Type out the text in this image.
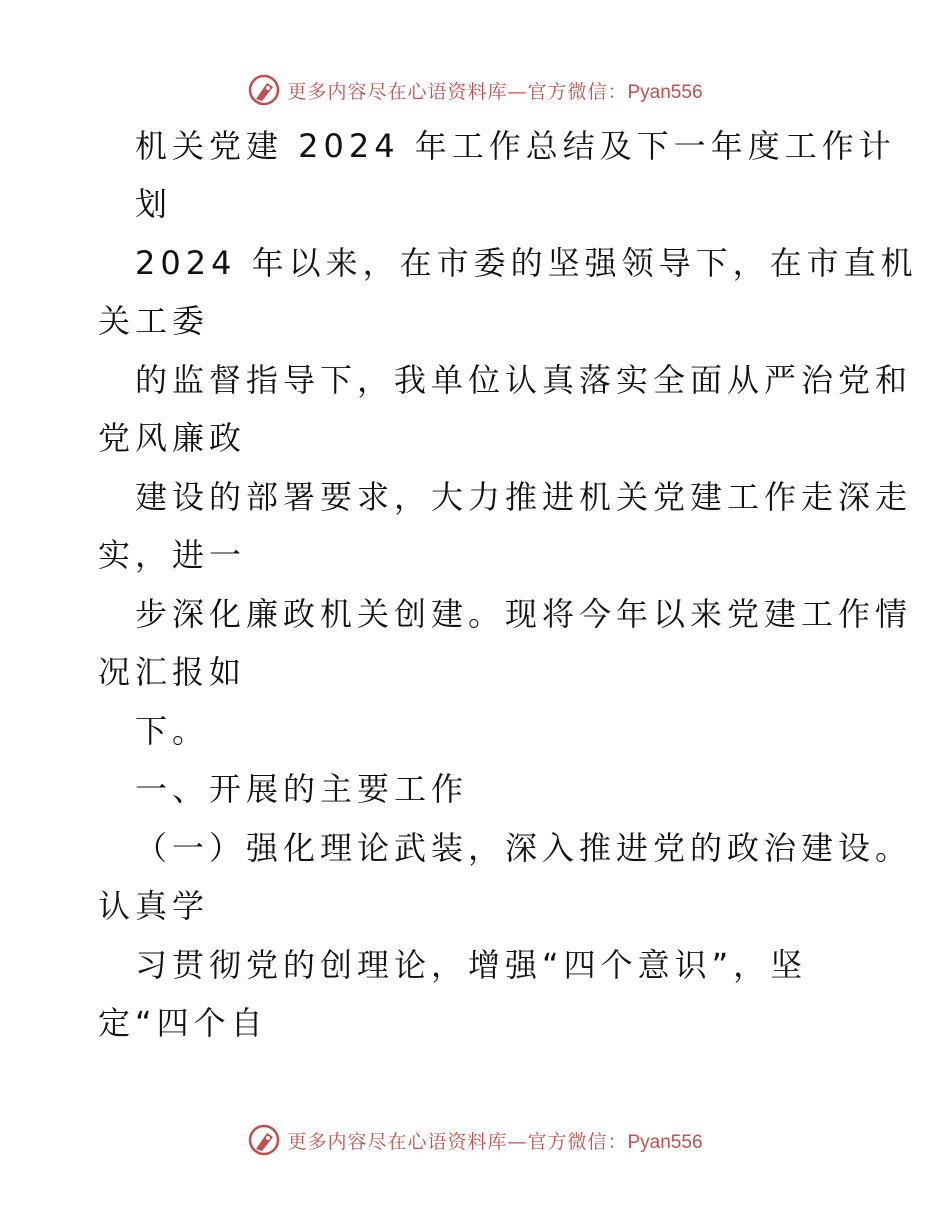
更多内容尽在心语资料库—官方微信：Pyan556
机关党建 2024 年工作总结及下一年度工作计
划
2024 年以来，在市委的坚强领导下，在市直机
关工委
的监督指导下，我单位认真落实全面从严治党和
党风廉政
建设的部署要求，大力推进机关党建工作走深走
实，进一
步深化廉政机关创建。现将今年以来党建工作情
况汇报如
下。
一、开展的主要工作
（一）强化理论武装，深入推进党的政治建设。
认真学
习贯彻党的创理论，增强“四个意识”，坚
定“四个自
更多内容尽在心语资料库—官方微信：Pyan556
